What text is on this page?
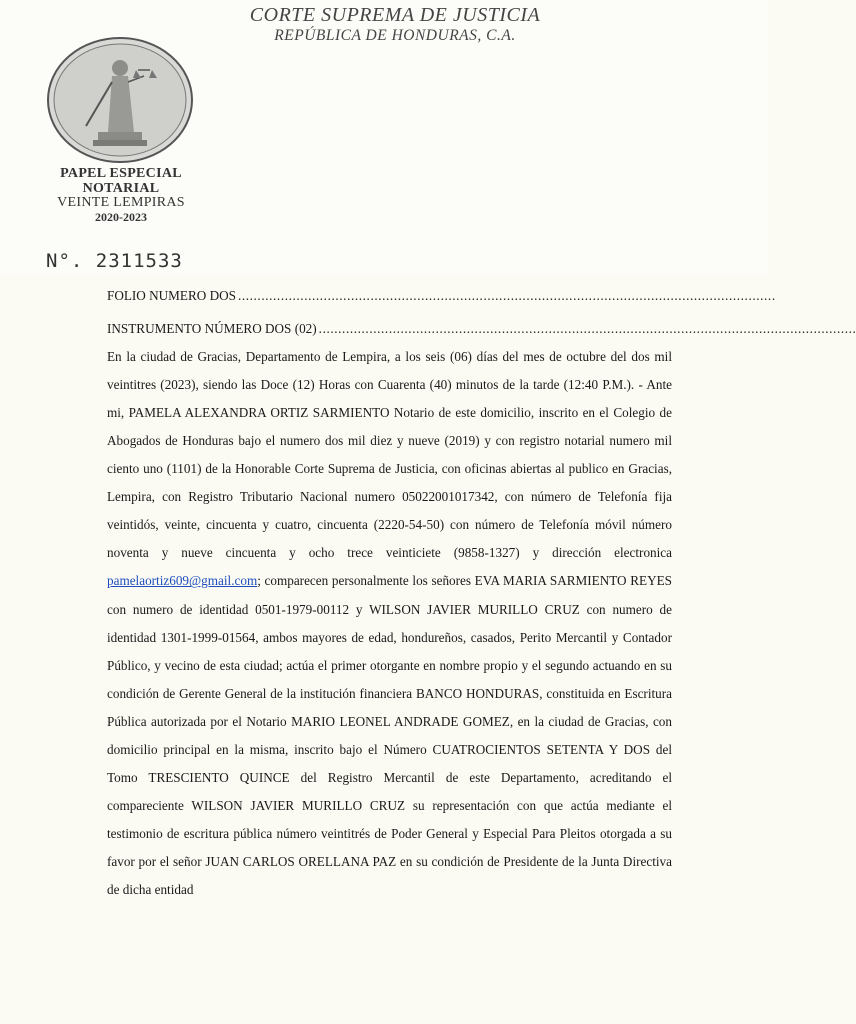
CORTE SUPREMA DE JUSTICIA
REPÚBLICA DE HONDURAS, C.A.
PAPEL ESPECIAL
NOTARIAL
VEINTE LEMPIRAS
2020-2023
N°. 2311533
FOLIO NUMERO DOS ..........................................................................................................................................
INSTRUMENTO NÚMERO DOS (02) ..........................................................................................................................................

En la ciudad de Gracias, Departamento de Lempira, a los seis (06) días del mes de octubre del dos mil veintitres (2023), siendo las Doce (12) Horas con Cuarenta (40) minutos de la tarde (12:40 P.M.). - Ante mi, PAMELA ALEXANDRA ORTIZ SARMIENTO Notario de este domicilio, inscrito en el Colegio de Abogados de Honduras bajo el numero dos mil diez y nueve (2019) y con registro notarial numero mil ciento uno (1101) de la Honorable Corte Suprema de Justicia, con oficinas abiertas al publico en Gracias, Lempira, con Registro Tributario Nacional numero 05022001017342, con número de Telefonía fija veintidós, veinte, cincuenta y cuatro, cincuenta (2220-54-50) con número de Telefonía móvil número noventa y nueve cincuenta y ocho trece veinticiete (9858-1327) y dirección electronica pamelaortiz609@gmail.com; comparecen personalmente los señores EVA MARIA SARMIENTO REYES con numero de identidad 0501-1979-00112 y WILSON JAVIER MURILLO CRUZ con numero de identidad 1301-1999-01564, ambos mayores de edad, hondureños, casados, Perito Mercantil y Contador Público, y vecino de esta ciudad; actúa el primer otorgante en nombre propio y el segundo actuando en su condición de Gerente General de la institución financiera BANCO HONDURAS, constituida en Escritura Pública autorizada por el Notario MARIO LEONEL ANDRADE GOMEZ, en la ciudad de Gracias, con domicilio principal en la misma, inscrito bajo el Número CUATROCIENTOS SETENTA Y DOS del Tomo TRESCIENTO QUINCE del Registro Mercantil de este Departamento, acreditando el compareciente WILSON JAVIER MURILLO CRUZ su representación con que actúa mediante el testimonio de escritura pública número veintitrés de Poder General y Especial Para Pleitos otorgada a su favor por el señor JUAN CARLOS ORELLANA PAZ en su condición de Presidente de la Junta Directiva de dicha entidad
